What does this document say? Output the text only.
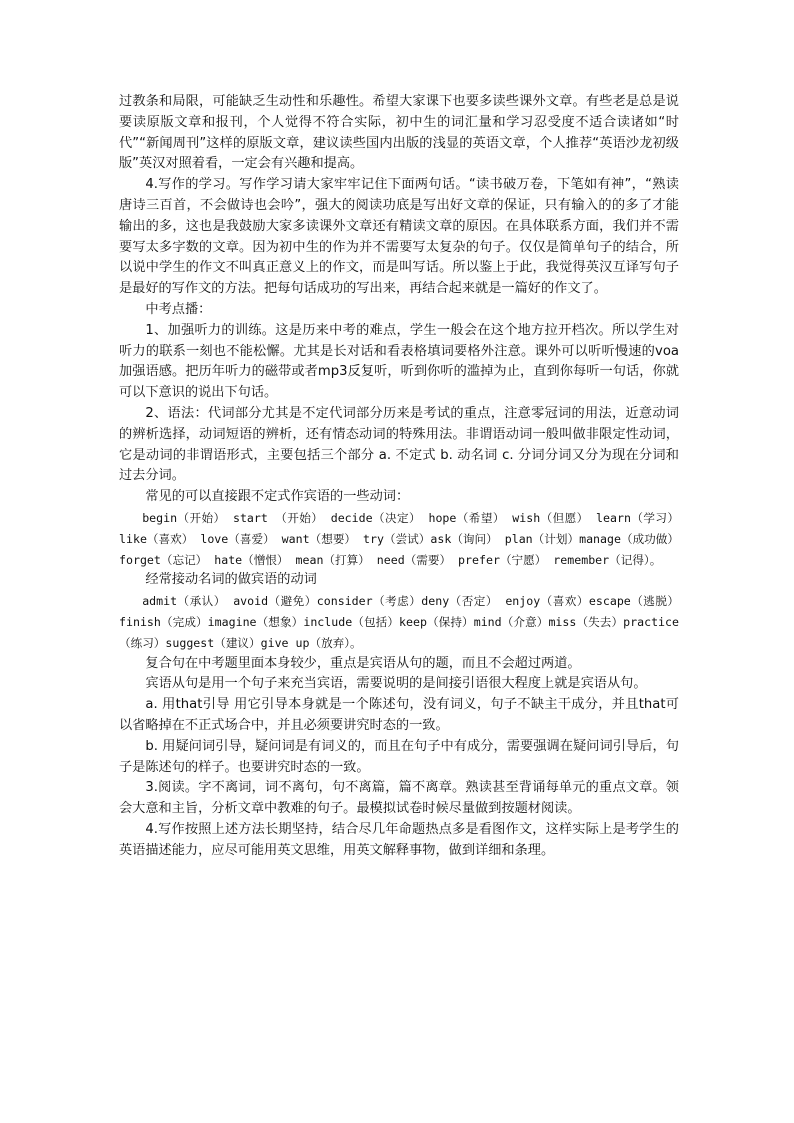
过教条和局限，可能缺乏生动性和乐趣性。希望大家课下也要多读些课外文章。有些老是总是说要读原版文章和报刊，个人觉得不符合实际，初中生的词汇量和学习忍受度不适合读诸如“时代”“新闻周刊”这样的原版文章，建议读些国内出版的浅显的英语文章，个人推荐“英语沙龙初级版”英汉对照着看，一定会有兴趣和提高。

4.写作的学习。写作学习请大家牢牢记住下面两句话。“读书破万卷，下笔如有神”，“熟读唐诗三百首，不会做诗也会吟”，强大的阅读功底是写出好文章的保证，只有输入的的多了才能输出的多，这也是我鼓励大家多读课外文章还有精读文章的原因。在具体联系方面，我们并不需要写太多字数的文章。因为初中生的作为并不需要写太复杂的句子。仅仅是简单句子的结合，所以说中学生的作文不叫真正意义上的作文，而是叫写话。所以鉴上于此，我觉得英汉互译写句子是最好的写作文的方法。把每句话成功的写出来，再结合起来就是一篇好的作文了。

中考点播：

1、加强听力的训练。这是历来中考的难点，学生一般会在这个地方拉开档次。所以学生对听力的联系一刻也不能松懈。尤其是长对话和看表格填词要格外注意。课外可以听听慢速的voa加强语感。把历年听力的磁带或者mp3反复听，听到你听的滥掉为止，直到你每听一句话，你就可以下意识的说出下句话。

2、语法：代词部分尤其是不定代词部分历来是考试的重点，注意零冠词的用法，近意动词的辨析选择，动词短语的辨析，还有情态动词的特殊用法。非谓语动词一般叫做非限定性动词，它是动词的非谓语形式，主要包括三个部分 a. 不定式 b. 动名词 c. 分词分词又分为现在分词和过去分词。

常见的可以直接跟不定式作宾语的一些动词：

begin（开始） start （开始） decide（决定） hope（希望） wish（但愿） learn（学习）like（喜欢） love（喜爱） want（想要） try（尝试）ask（询问） plan（计划）manage（成功做） forget（忘记） hate（憎恨） mean（打算） need（需要） prefer（宁愿） remember（记得）。

经常接动名词的做宾语的动词

admit（承认） avoid（避免）consider（考虑）deny（否定） enjoy（喜欢）escape（逃脱） finish（完成）imagine（想象）include（包括）keep（保持）mind（介意）miss（失去）practice（练习）suggest（建议）give up（放弃）。

复合句在中考题里面本身较少，重点是宾语从句的题，而且不会超过两道。

宾语从句是用一个句子来充当宾语，需要说明的是间接引语很大程度上就是宾语从句。

a. 用that引导 用它引导本身就是一个陈述句，没有词义，句子不缺主干成分，并且that可以省略掉在不正式场合中，并且必须要讲究时态的一致。

b. 用疑问词引导，疑问词是有词义的，而且在句子中有成分，需要强调在疑问词引导后，句子是陈述句的样子。也要讲究时态的一致。

3.阅读。字不离词，词不离句，句不离篇，篇不离章。熟读甚至背诵每单元的重点文章。领会大意和主旨，分析文章中教难的句子。最模拟试卷时候尽量做到按题材阅读。

4.写作按照上述方法长期坚持，结合尽几年命题热点多是看图作文，这样实际上是考学生的英语描述能力，应尽可能用英文思维，用英文解释事物，做到详细和条理。
